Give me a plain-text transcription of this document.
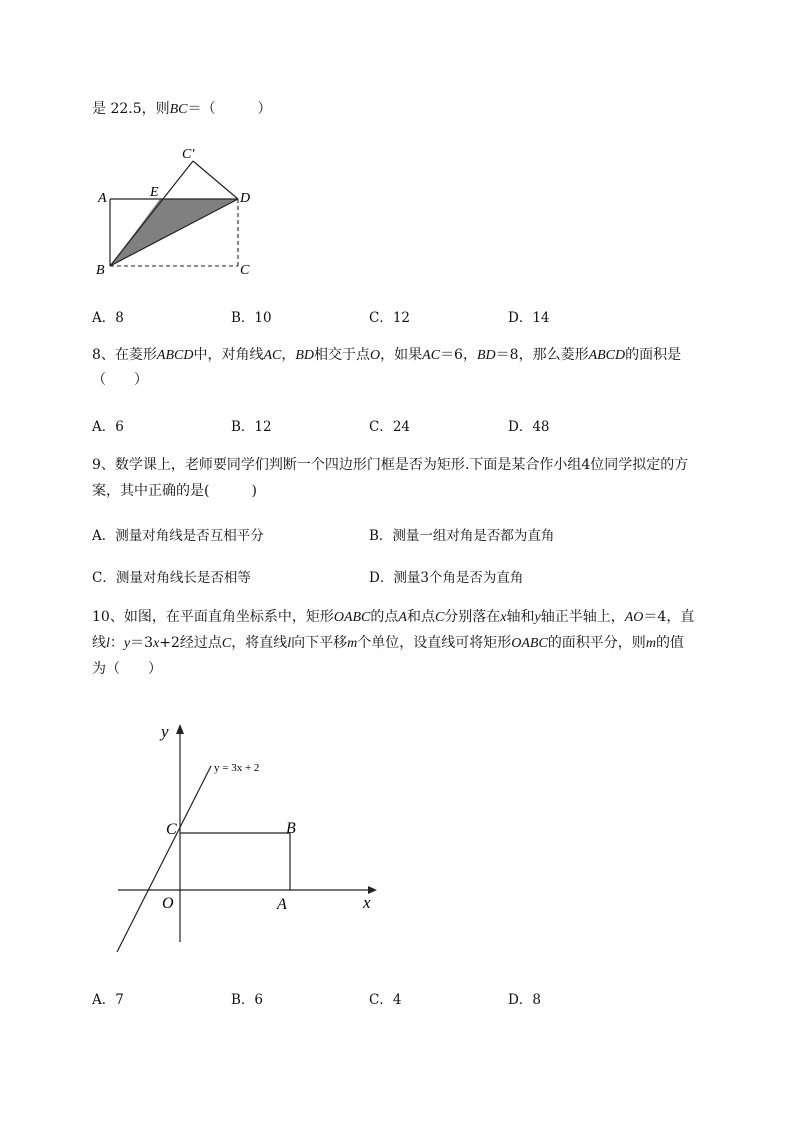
是 22.5，则BC＝（　　　）
C′
A	E	D
B	C
A．8	B．10	C．12	D．14
8、在菱形ABCD中，对角线AC，BD相交于点O，如果AC＝6，BD＝8，那么菱形ABCD的面积是
（　　）
A．6	B．12	C．24	D．48
9、数学课上，老师要同学们判断一个四边形门框是否为矩形.下面是某合作小组4位同学拟定的方
案，其中正确的是(　　　)
A．测量对角线是否互相平分	B．测量一组对角是否都为直角
C．测量对角线长是否相等	D．测量3个角是否为直角
10、如图，在平面直角坐标系中，矩形OABC的点A和点C分别落在x轴和y轴正半轴上，AO＝4，直
线l：y＝3x+2经过点C，将直线l向下平移m个单位，设直线可将矩形OABC的面积平分，则m的值
为（　　）
y
x
O	A
B
C
y = 3x + 2
A．7	B．6	C．4	D．8
